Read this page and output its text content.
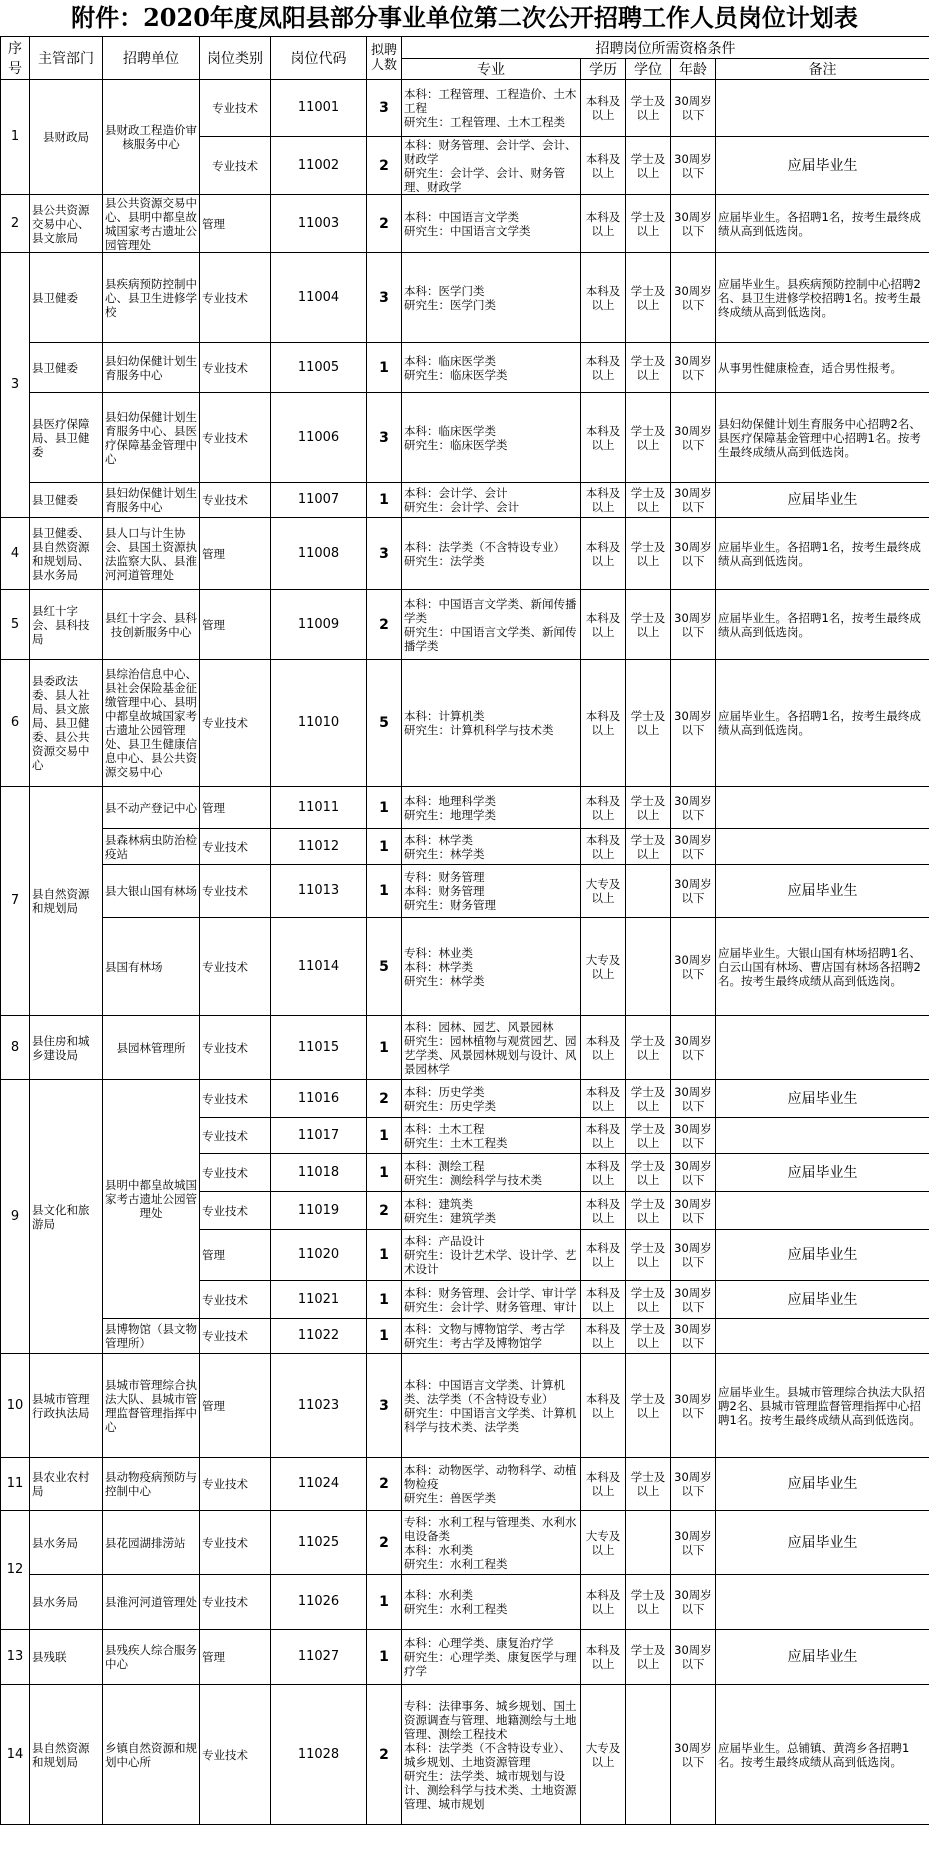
附件：2020年度凤阳县部分事业单位第二次公开招聘工作人员岗位计划表
序号	主管部门	招聘单位	岗位类别	岗位代码	拟聘人数	招聘岗位所需资格条件				
						专业	学历	学位	年龄	备注
1	县财政局	县财政工程造价审核服务中心	专业技术	11001	3	本科：工程管理、工程造价、土木工程
研究生：工程管理、土木工程类	本科及以上	学士及以上	30周岁以下	
			专业技术	11002	2	本科：财务管理、会计学、会计、财政学
研究生：会计学、会计、财务管理、财政学	本科及以上	学士及以上	30周岁以下	应届毕业生
2	县公共资源交易中心、县文旅局	县公共资源交易中心、县明中都皇故城国家考古遗址公园管理处	管理	11003	2	本科：中国语言文学类
研究生：中国语言文学类	本科及以上	学士及以上	30周岁以下	应届毕业生。各招聘1名，按考生最终成绩从高到低选岗。
3	县卫健委	县疾病预防控制中心、县卫生进修学校	专业技术	11004	3	本科：医学门类
研究生：医学门类	本科及以上	学士及以上	30周岁以下	应届毕业生。县疾病预防控制中心招聘2名、县卫生进修学校招聘1名。按考生最终成绩从高到低选岗。
	县卫健委	县妇幼保健计划生育服务中心	专业技术	11005	1	本科：临床医学类
研究生：临床医学类	本科及以上	学士及以上	30周岁以下	从事男性健康检查，适合男性报考。
	县医疗保障局、县卫健委	县妇幼保健计划生育服务中心、县医疗保障基金管理中心	专业技术	11006	3	本科：临床医学类
研究生：临床医学类	本科及以上	学士及以上	30周岁以下	县妇幼保健计划生育服务中心招聘2名、县医疗保障基金管理中心招聘1名。按考生最终成绩从高到低选岗。
	县卫健委	县妇幼保健计划生育服务中心	专业技术	11007	1	本科：会计学、会计
研究生：会计学、会计	本科及以上	学士及以上	30周岁以下	应届毕业生
4	县卫健委、县自然资源和规划局、县水务局	县人口与计生协会、县国土资源执法监察大队、县淮河河道管理处	管理	11008	3	本科：法学类（不含特设专业）
研究生：法学类	本科及以上	学士及以上	30周岁以下	应届毕业生。各招聘1名，按考生最终成绩从高到低选岗。
5	县红十字会、县科技局	县红十字会、县科技创新服务中心	管理	11009	2	本科：中国语言文学类、新闻传播学类
研究生：中国语言文学类、新闻传播学类	本科及以上	学士及以上	30周岁以下	应届毕业生。各招聘1名，按考生最终成绩从高到低选岗。
6	县委政法委、县人社局、县文旅局、县卫健委、县公共资源交易中心	县综治信息中心、县社会保险基金征缴管理中心、县明中都皇故城国家考古遗址公园管理处、县卫生健康信息中心、县公共资源交易中心	专业技术	11010	5	本科：计算机类
研究生：计算机科学与技术类	本科及以上	学士及以上	30周岁以下	应届毕业生。各招聘1名，按考生最终成绩从高到低选岗。
7	县自然资源和规划局	县不动产登记中心	管理	11011	1	本科：地理科学类
研究生：地理学类	本科及以上	学士及以上	30周岁以下	
		县森林病虫防治检疫站	专业技术	11012	1	本科：林学类
研究生：林学类	本科及以上	学士及以上	30周岁以下	
		县大银山国有林场	专业技术	11013	1	专科：财务管理
本科：财务管理
研究生：财务管理	大专及以上		30周岁以下	应届毕业生
		县国有林场	专业技术	11014	5	专科：林业类
本科：林学类
研究生：林学类	大专及以上		30周岁以下	应届毕业生。大银山国有林场招聘1名、白云山国有林场、曹店国有林场各招聘2名。按考生最终成绩从高到低选岗。
8	县住房和城乡建设局	县园林管理所	专业技术	11015	1	本科：园林、园艺、风景园林
研究生：园林植物与观赏园艺、园艺学类、风景园林规划与设计、风景园林学	本科及以上	学士及以上	30周岁以下	
9	县文化和旅游局	县明中都皇故城国家考古遗址公园管理处	专业技术	11016	2	本科：历史学类
研究生：历史学类	本科及以上	学士及以上	30周岁以下	应届毕业生
			专业技术	11017	1	本科：土木工程
研究生：土木工程类	本科及以上	学士及以上	30周岁以下	
			专业技术	11018	1	本科：测绘工程
研究生：测绘科学与技术类	本科及以上	学士及以上	30周岁以下	应届毕业生
			专业技术	11019	2	本科：建筑类
研究生：建筑学类	本科及以上	学士及以上	30周岁以下	
			管理	11020	1	本科：产品设计
研究生：设计艺术学、设计学、艺术设计	本科及以上	学士及以上	30周岁以下	应届毕业生
			专业技术	11021	1	本科：财务管理、会计学、审计学
研究生：会计学、财务管理、审计	本科及以上	学士及以上	30周岁以下	应届毕业生
		县博物馆（县文物管理所）	专业技术	11022	1	本科：文物与博物馆学、考古学
研究生：考古学及博物馆学	本科及以上	学士及以上	30周岁以下	
10	县城市管理行政执法局	县城市管理综合执法大队、县城市管理监督管理指挥中心	管理	11023	3	本科：中国语言文学类、计算机类、法学类（不含特设专业）
研究生：中国语言文学类、计算机科学与技术类、法学类	本科及以上	学士及以上	30周岁以下	应届毕业生。县城市管理综合执法大队招聘2名、县城市管理监督管理指挥中心招聘1名。按考生最终成绩从高到低选岗。
11	县农业农村局	县动物疫病预防与控制中心	专业技术	11024	2	本科：动物医学、动物科学、动植物检疫
研究生：兽医学类	本科及以上	学士及以上	30周岁以下	应届毕业生
12	县水务局	县花园湖排涝站	专业技术	11025	2	专科：水利工程与管理类、水利水电设备类
本科：水利类
研究生：水利工程类	大专及以上		30周岁以下	应届毕业生
	县水务局	县淮河河道管理处	专业技术	11026	1	本科：水利类
研究生：水利工程类	本科及以上	学士及以上	30周岁以下	
13	县残联	县残疾人综合服务中心	管理	11027	1	本科：心理学类、康复治疗学
研究生：心理学类、康复医学与理疗学	本科及以上	学士及以上	30周岁以下	应届毕业生
14	县自然资源和规划局	乡镇自然资源和规划中心所	专业技术	11028	2	专科：法律事务、城乡规划、国土资源调查与管理、地籍测绘与土地管理、测绘工程技术
本科：法学类（不含特设专业）、城乡规划、土地资源管理
研究生：法学类、城市规划与设计、测绘科学与技术类、土地资源管理、城市规划	大专及以上		30周岁以下	应届毕业生。总铺镇、黄湾乡各招聘1名。按考生最终成绩从高到低选岗。
